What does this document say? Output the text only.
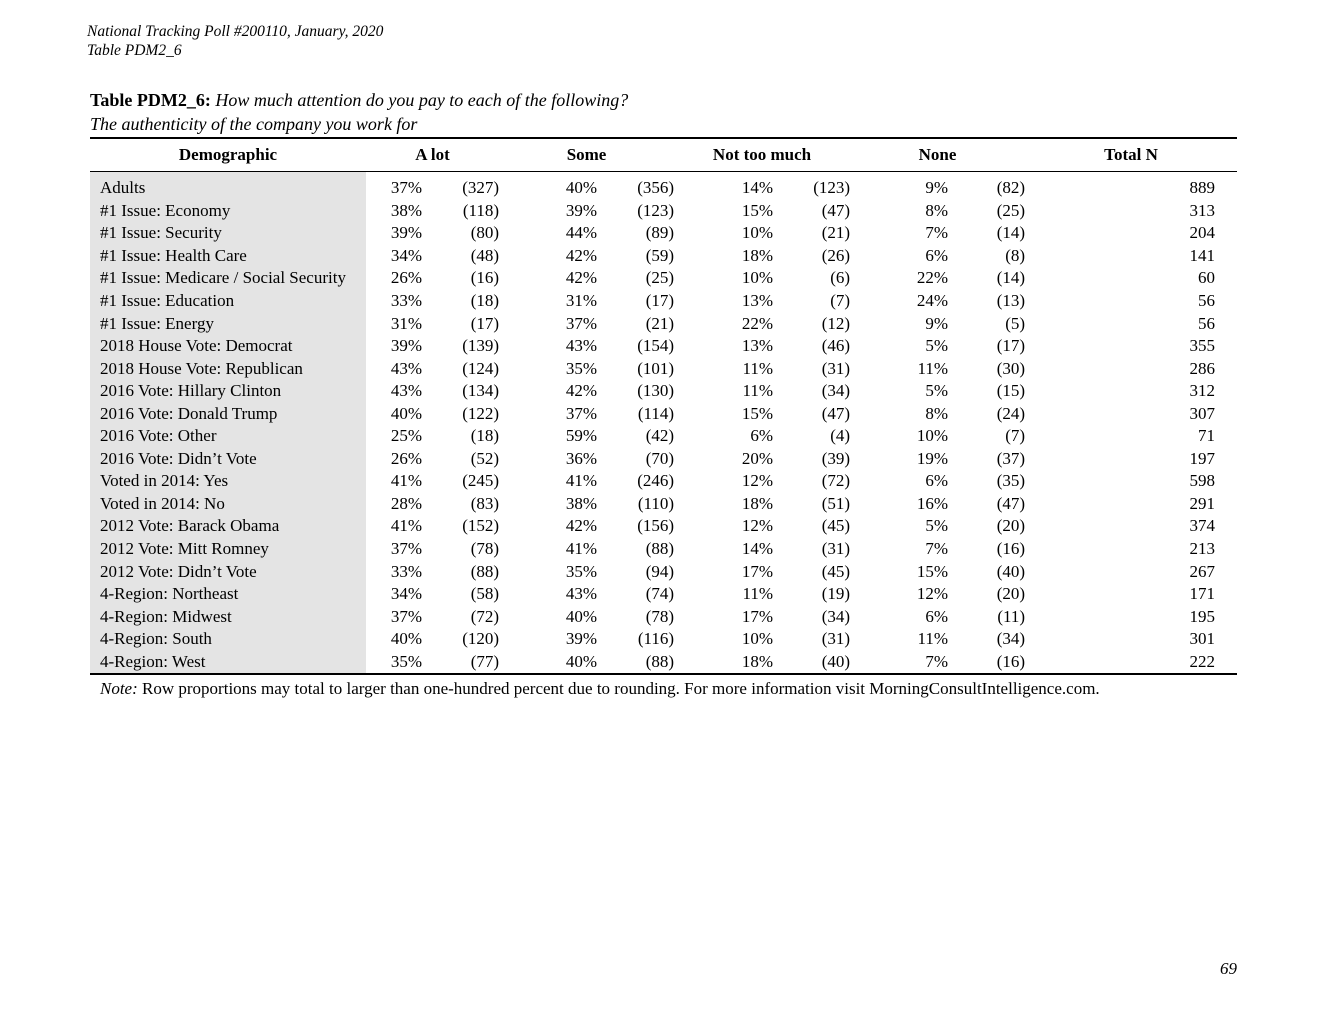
National Tracking Poll #200110, January, 2020
Table PDM2_6
Table PDM2_6: How much attention do you pay to each of the following?
The authenticity of the company you work for
Demographic	A lot		Some		Not too much		None		Total N

Adults	37%	(327)	40%	(356)	14%	(123)	9%	(82)	889
#1 Issue: Economy	38%	(118)	39%	(123)	15%	(47)	8%	(25)	313
#1 Issue: Security	39%	(80)	44%	(89)	10%	(21)	7%	(14)	204
#1 Issue: Health Care	34%	(48)	42%	(59)	18%	(26)	6%	(8)	141
#1 Issue: Medicare / Social Security	26%	(16)	42%	(25)	10%	(6)	22%	(14)	60
#1 Issue: Education	33%	(18)	31%	(17)	13%	(7)	24%	(13)	56
#1 Issue: Energy	31%	(17)	37%	(21)	22%	(12)	9%	(5)	56
2018 House Vote: Democrat	39%	(139)	43%	(154)	13%	(46)	5%	(17)	355
2018 House Vote: Republican	43%	(124)	35%	(101)	11%	(31)	11%	(30)	286
2016 Vote: Hillary Clinton	43%	(134)	42%	(130)	11%	(34)	5%	(15)	312
2016 Vote: Donald Trump	40%	(122)	37%	(114)	15%	(47)	8%	(24)	307
2016 Vote: Other	25%	(18)	59%	(42)	6%	(4)	10%	(7)	71
2016 Vote: Didn’t Vote	26%	(52)	36%	(70)	20%	(39)	19%	(37)	197
Voted in 2014: Yes	41%	(245)	41%	(246)	12%	(72)	6%	(35)	598
Voted in 2014: No	28%	(83)	38%	(110)	18%	(51)	16%	(47)	291
2012 Vote: Barack Obama	41%	(152)	42%	(156)	12%	(45)	5%	(20)	374
2012 Vote: Mitt Romney	37%	(78)	41%	(88)	14%	(31)	7%	(16)	213
2012 Vote: Didn’t Vote	33%	(88)	35%	(94)	17%	(45)	15%	(40)	267
4-Region: Northeast	34%	(58)	43%	(74)	11%	(19)	12%	(20)	171
4-Region: Midwest	37%	(72)	40%	(78)	17%	(34)	6%	(11)	195
4-Region: South	40%	(120)	39%	(116)	10%	(31)	11%	(34)	301
4-Region: West	35%	(77)	40%	(88)	18%	(40)	7%	(16)	222
Note: Row proportions may total to larger than one-hundred percent due to rounding. For more information visit MorningConsultIntelligence.com.
69
